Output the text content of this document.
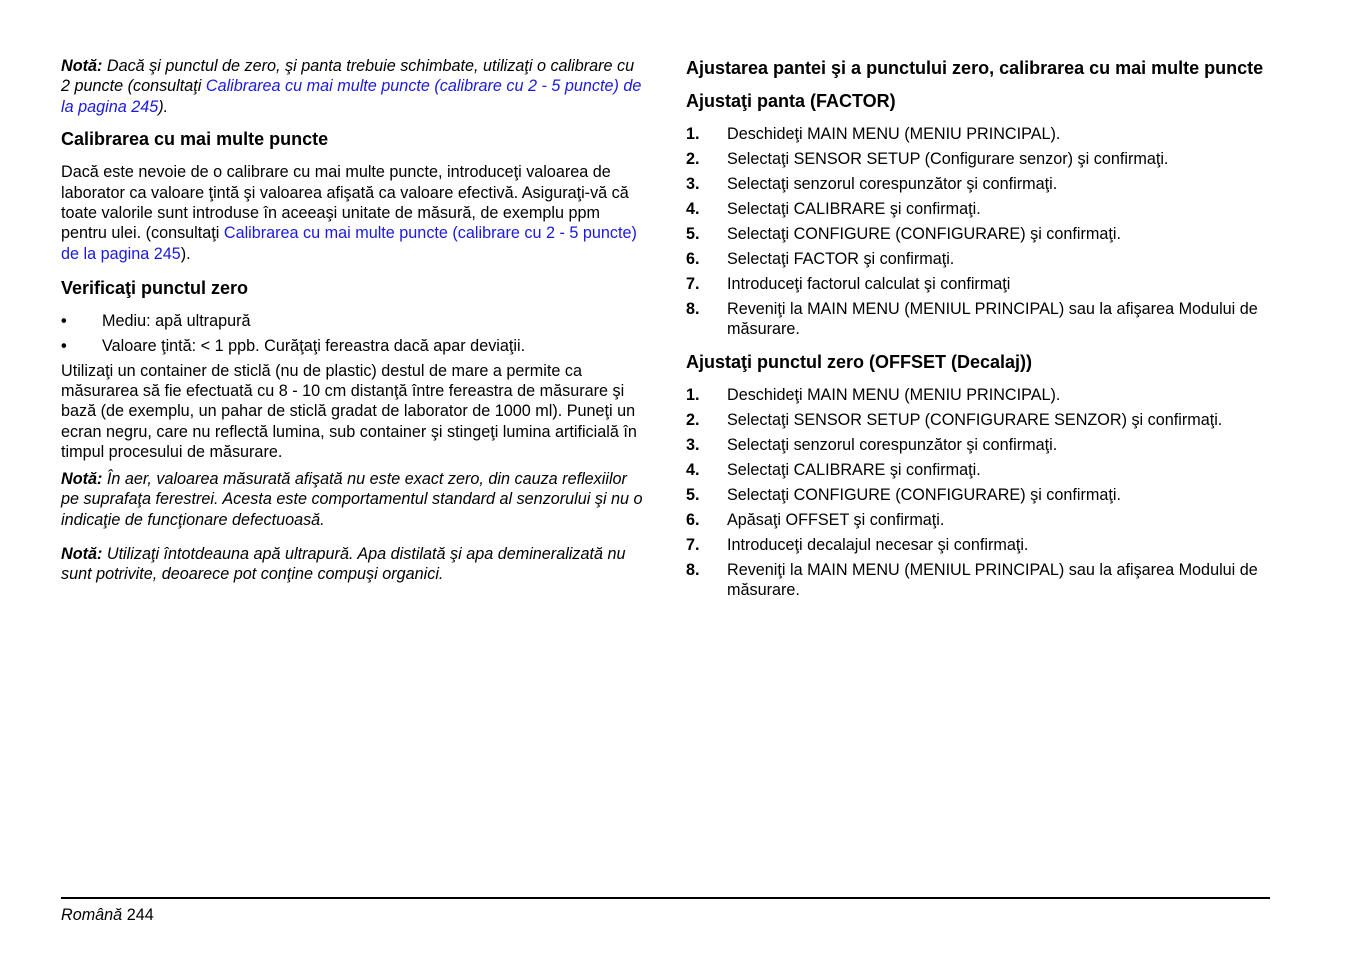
Notă: Dacă şi punctul de zero, şi panta trebuie schimbate, utilizaţi o calibrare cu 2 puncte (consultaţi Calibrarea cu mai multe puncte (calibrare cu 2 - 5 puncte) de la pagina 245).

Calibrarea cu mai multe puncte

Dacă este nevoie de o calibrare cu mai multe puncte, introduceţi valoarea de laborator ca valoare ţintă şi valoarea afişată ca valoare efectivă. Asiguraţi-vă că toate valorile sunt introduse în aceeaşi unitate de măsură, de exemplu ppm pentru ulei. (consultaţi Calibrarea cu mai multe puncte (calibrare cu 2 - 5 puncte) de la pagina 245).

Verificaţi punctul zero
• Mediu: apă ultrapură
• Valoare ţintă: < 1 ppb. Curăţaţi fereastra dacă apar deviaţii.

Utilizaţi un container de sticlă (nu de plastic) destul de mare a permite ca măsurarea să fie efectuată cu 8 - 10 cm distanţă între fereastra de măsurare şi bază (de exemplu, un pahar de sticlă gradat de laborator de 1000 ml). Puneţi un ecran negru, care nu reflectă lumina, sub container şi stingeţi lumina artificială în timpul procesului de măsurare.

Notă: În aer, valoarea măsurată afişată nu este exact zero, din cauza reflexiilor pe suprafaţa ferestrei. Acesta este comportamentul standard al senzorului şi nu o indicaţie de funcţionare defectuoasă.

Notă: Utilizaţi întotdeauna apă ultrapură. Apa distilată şi apa demineralizată nu sunt potrivite, deoarece pot conţine compuşi organici.

Ajustarea pantei şi a punctului zero, calibrarea cu mai multe puncte
Ajustaţi panta (FACTOR)
1. Deschideţi MAIN MENU (MENIU PRINCIPAL).
2. Selectaţi SENSOR SETUP (Configurare senzor) şi confirmaţi.
3. Selectaţi senzorul corespunzător şi confirmaţi.
4. Selectaţi CALIBRARE şi confirmaţi.
5. Selectaţi CONFIGURE (CONFIGURARE) şi confirmaţi.
6. Selectaţi FACTOR şi confirmaţi.
7. Introduceţi factorul calculat şi confirmaţi
8. Reveniţi la MAIN MENU (MENIUL PRINCIPAL) sau la afişarea Modului de măsurare.
Ajustaţi punctul zero (OFFSET (Decalaj))
1. Deschideţi MAIN MENU (MENIU PRINCIPAL).
2. Selectaţi SENSOR SETUP (CONFIGURARE SENZOR) şi confirmaţi.
3. Selectaţi senzorul corespunzător şi confirmaţi.
4. Selectaţi CALIBRARE şi confirmaţi.
5. Selectaţi CONFIGURE (CONFIGURARE) şi confirmaţi.
6. Apăsaţi OFFSET şi confirmaţi.
7. Introduceţi decalajul necesar şi confirmaţi.
8. Reveniţi la MAIN MENU (MENIUL PRINCIPAL) sau la afişarea Modului de măsurare.
Română 244
